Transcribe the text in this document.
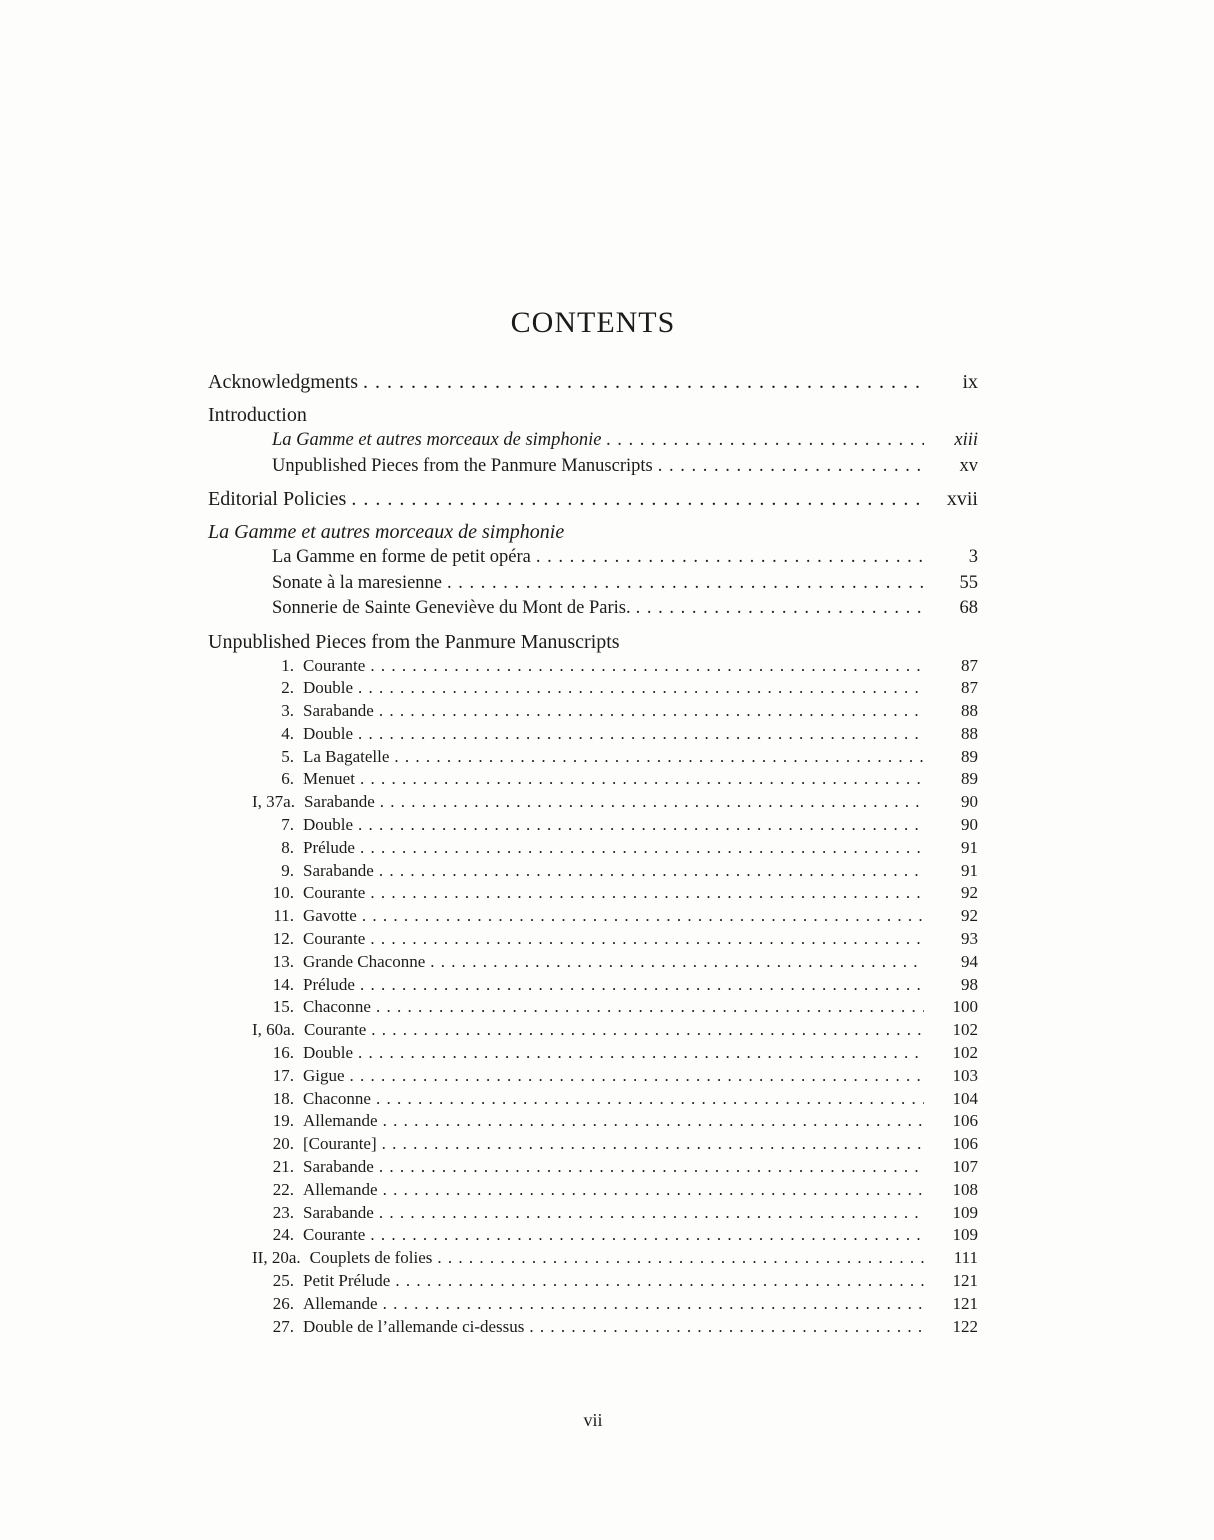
CONTENTS
Acknowledgments . . .	ix
Introduction
La Gamme et autres morceaux de simphonie . . .	xiii
Unpublished Pieces from the Panmure Manuscripts . . .	xv
Editorial Policies . . .	xvii
La Gamme et autres morceaux de simphonie
La Gamme en forme de petit opéra . . .	3
Sonate à la maresienne . . .	55
Sonnerie de Sainte Geneviève du Mont de Paris. . . .	68
Unpublished Pieces from the Panmure Manuscripts
1. Courante . . .	87
2. Double . . .	87
3. Sarabande . . .	88
4. Double . . .	88
5. La Bagatelle . . .	89
6. Menuet . . .	89
I, 37a. Sarabande . . .	90
7. Double . . .	90
8. Prélude . . .	91
9. Sarabande . . .	91
10. Courante . . .	92
11. Gavotte . . .	92
12. Courante . . .	93
13. Grande Chaconne . . .	94
14. Prélude . . .	98
15. Chaconne . . .	100
I, 60a. Courante . . .	102
16. Double . . .	102
17. Gigue . . .	103
18. Chaconne . . .	104
19. Allemande . . .	106
20. [Courante] . . .	106
21. Sarabande . . .	107
22. Allemande . . .	108
23. Sarabande . . .	109
24. Courante . . .	109
II, 20a. Couplets de folies . . .	111
25. Petit Prélude . . .	121
26. Allemande . . .	121
27. Double de l’allemande ci-dessus . . .	122
vii
